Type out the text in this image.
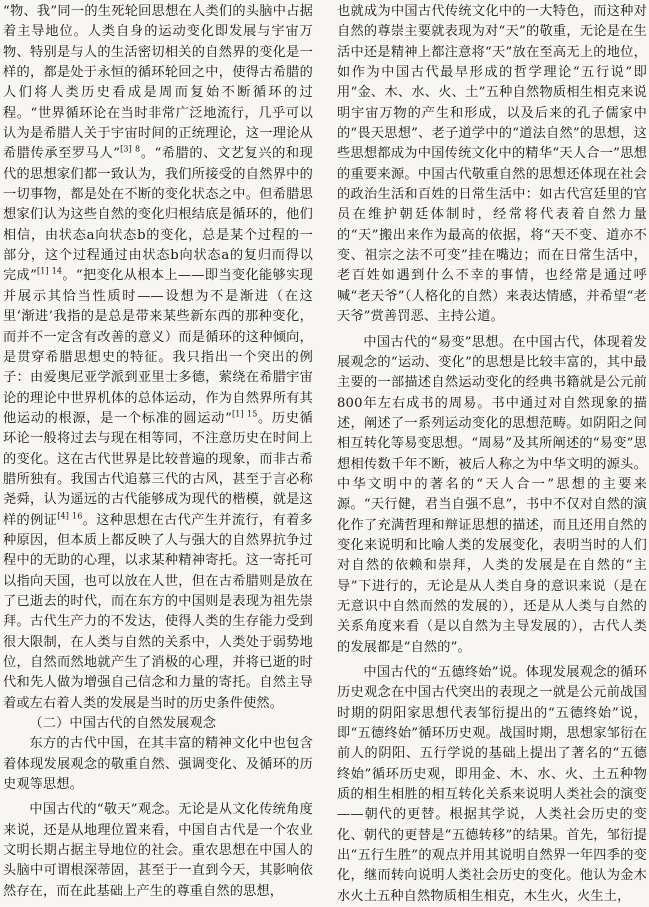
“物、我”同一的生死轮回思想在人类们的头脑中占据着主导地位。人类自身的运动变化即发展与宇宙万物、特别是与人的生活密切相关的自然界的变化是一样的，都是处于永恒的循环轮回之中，使得古希腊的人们将人类历史看成是周而复始不断循环的过程。“世界循环论在当时非常广泛地流行，几乎可以认为是希腊人关于宇宙时间的正统理论，这一理论从希腊传承至罗马人”$^{[3] 8}$。“希腊的、文艺复兴的和现代的思想家们都一致认为，我们所接受的自然界中的一切事物，都是处在不断的变化状态之中。但希腊思想家们认为这些自然的变化归根结底是循环的，他们相信，由状态a向状态b的变化，总是某个过程的一部分，这个过程通过由状态b向状态a的复归而得以完成”$^{[1] 14}$。“把变化从根本上——即当变化能够实现并展示其恰当性质时——设想为不是渐进（在这里‘渐进’我指的是总是带来某些新东西的那种变化，而并不一定含有改善的意义）而是循环的这种倾向，是贯穿希腊思想史的特征。我只指出一个突出的例子：由爱奥尼亚学派到亚里士多德，萦绕在希腊宇宙论的理论中世界机体的总体运动，作为自然界所有其他运动的根源，是一个标准的圆运动”$^{[1] 15}$。历史循环论一般将过去与现在相等同，不注意历史在时间上的变化。这在古代世界是比较普遍的现象，而非古希腊所独有。我国古代追慕三代的古风，甚至于言必称尧舜，认为遥远的古代能够成为现代的楷模，就是这样的例证$^{[4] 16}$。这种思想在古代产生并流行，有着多种原因，但本质上都反映了人与强大的自然界抗争过程中的无助的心理，以求某种精神寄托。这一寄托可以指向天国，也可以放在人世，但在古希腊则是放在了已逝去的时代，而在东方的中国则是表现为祖先崇拜。古代生产力的不发达，使得人类的生存能力受到很大限制，在人类与自然的关系中，人类处于弱势地位，自然而然地就产生了消极的心理，并将已逝的时代和先人做为增强自己信念和力量的寄托。自然主导着或左右着人类的发展是当时的历史条件使然。

（二）中国古代的自然发展观念

东方的古代中国，在其丰富的精神文化中也包含着体现发展观念的敬重自然、强调变化、及循环的历史观等思想。

中国古代的“敬天”观念。无论是从文化传统角度来说，还是从地理位置来看，中国自古代是一个农业文明长期占据主导地位的社会。重农思想在中国人的头脑中可谓根深蒂固，甚至于一直到今天，其影响依然存在，而在此基础上产生的尊重自然的思想，

也就成为中国古代传统文化中的一大特色，而这种对自然的尊崇主要就表现为对“天”的敬重，无论是在生活中还是精神上都注意将“天”放在至高无上的地位，如作为中国古代最早形成的哲学理论“五行说”即用“金、木、水、火、土”五种自然物质相生相克来说明宇宙万物的产生和形成，以及后来的孔子儒家中的“畏天思想”、老子道学中的“道法自然”的思想，这些思想都成为中国传统文化中的精华“天人合一”思想的重要来源。中国古代敬重自然的思想还体现在社会的政治生活和百姓的日常生活中：如古代宫廷里的官员在维护朝廷体制时，经常将代表着自然力量的“天”搬出来作为最高的依据，将“天不变、道亦不变、祖宗之法不可变”挂在嘴边；而在日常生活中，老百姓如遇到什么不幸的事情，也经常是通过呼喊“老天爷”（人格化的自然）来表达情感，并希望“老天爷”赏善罚恶、主持公道。

中国古代的“易变”思想。在中国古代，体现着发展观念的“运动、变化”的思想是比较丰富的，其中最主要的一部描述自然运动变化的经典书籍就是公元前800年左右成书的周易。书中通过对自然现象的描述，阐述了一系列运动变化的思想范畴。如阴阳之间相互转化等易变思想。“周易”及其所阐述的“易变”思想相传数千年不断，被后人称之为中华文明的源头。中华文明中的著名的“天人合一”思想的主要来源。“天行健，君当自强不息”，书中不仅对自然的演化作了充满哲理和辩证思想的描述，而且还用自然的变化来说明和比喻人类的发展变化，表明当时的人们对自然的依赖和崇拜，人类的发展是在自然的“主导”下进行的，无论是从人类自身的意识来说（是在无意识中自然而然的发展的），还是从人类与自然的关系角度来看（是以自然为主导发展的），古代人类的发展都是“自然的”。

中国古代的“五德终始”说。体现发展观念的循环历史观念在中国古代突出的表现之一就是公元前战国时期的阴阳家思想代表邹衍提出的“五德终始”说，即“五德终始”循环历史观。战国时期，思想家邹衍在前人的阴阳、五行学说的基础上提出了著名的“五德终始”循环历史观，即用金、木、水、火、土五种物质的相生相胜的相互转化关系来说明人类社会的演变——朝代的更替。根据其学说，人类社会历史的变化、朝代的更替是“五德转移”的结果。首先，邹衍提出“五行生胜”的观点并用其说明自然界一年四季的变化，继而转向说明人类社会历史的变化。他认为金木水火土五种自然物质相生相克，木生火，火生土，
